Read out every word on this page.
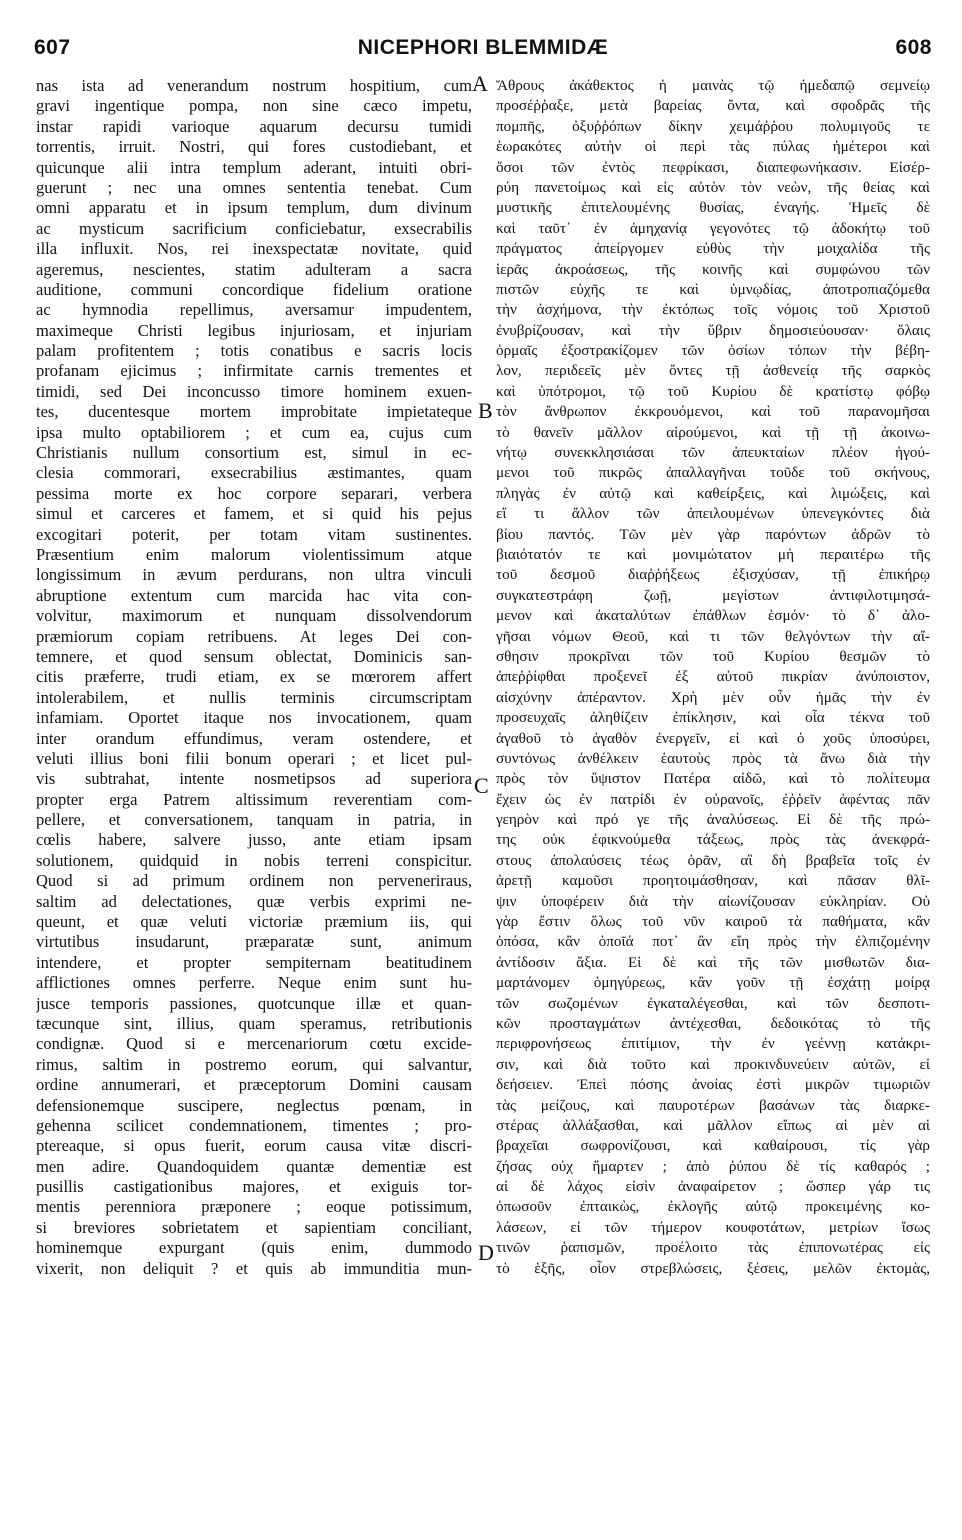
607	NICEPHORI BLEMMIDÆ	608
nas ista ad venerandum nostrum hospitium, cum
gravi ingentique pompa, non sine cæco impetu,
instar rapidi varioque aquarum decursu tumidi
torrentis, irruit. Nostri, qui fores custodiebant, et
quicunque alii intra templum aderant, intuiti obri-
guerunt ; nec una omnes sententia tenebat. Cum
omni apparatu et in ipsum templum, dum divinum
ac mysticum sacrificium conficiebatur, exsecrabilis
illa influxit. Nos, rei inexspectatæ novitate, quid
ageremus, nescientes, statim adulteram a sacra
auditione, communi concordique fidelium oratione
ac hymnodia repellimus, aversamur impudentem,
maximeque Christi legibus injuriosam, et injuriam
palam profitentem ; totis conatibus e sacris locis
profanam ejicimus ; infirmitate carnis trementes et
timidi, sed Dei inconcusso timore hominem exuen-
tes, ducentesque mortem improbitate impietateque
ipsa multo optabiliorem ; et cum ea, cujus cum
Christianis nullum consortium est, simul in ec-
clesia commorari, exsecrabilius æstimantes, quam
pessima morte ex hoc corpore separari, verbera
simul et carceres et famem, et si quid his pejus
excogitari poterit, per totam vitam sustinentes.
Præsentium enim malorum violentissimum atque
longissimum in ævum perdurans, non ultra vinculi
abruptione extentum cum marcida hac vita con-
volvitur, maximorum et nunquam dissolvendorum
præmiorum copiam retribuens. At leges Dei con-
temnere, et quod sensum oblectat, Dominicis san-
citis præferre, trudi etiam, ex se mœrorem affert
intolerabilem, et nullis terminis circumscriptam
infamiam. Oportet itaque nos invocationem, quam
inter orandum effundimus, veram ostendere, et
veluti illius boni filii bonum operari ; et licet pul-
vis subtrahat, intente nosmetipsos ad superiora
propter erga Patrem altissimum reverentiam com-
pellere, et conversationem, tanquam in patria, in
cœlis habere, salvere jusso, ante etiam ipsam
solutionem, quidquid in nobis terreni conspicitur.
Quod si ad primum ordinem non perveneriraus,
saltim ad delectationes, quæ verbis exprimi ne-
queunt, et quæ veluti victoriæ præmium iis, qui
virtutibus insudarunt, præparatæ sunt, animum
intendere, et propter sempiternam beatitudinem
afflictiones omnes perferre. Neque enim sunt hu-
jusce temporis passiones, quotcunque illæ et quan-
tæcunque sint, illius, quam speramus, retributionis
condignæ. Quod si e mercenariorum cœtu excide-
rimus, saltim in postremo eorum, qui salvantur,
ordine annumerari, et præceptorum Domini causam
defensionemque suscipere, neglectus pœnam, in
gehenna scilicet condemnationem, timentes ; pro-
ptereaque, si opus fuerit, eorum causa vitæ discri-
men adire. Quandoquidem quantæ dementiæ est
pusillis castigationibus majores, et exiguis tor-
mentis perenniora præponere ; eoque potissimum,
si breviores sobrietatem et sapientiam conciliant,
hominemque expurgant (quis enim, dummodo
vixerit, non deliquit ? et quis ab immunditia mun-
Ἄθρους ἀκάθεκτος ἡ μαινὰς τῷ ἡμεδαπῷ σεμνείῳ
προσέῤῥαξε, μετὰ βαρείας ὄντα, καὶ σφοδρᾶς τῆς
πομπῆς, ὀξυῤῥόπων δίκην χειμάῤῥου πολυμιγοῦς τε
ἑωρακότες αὐτὴν οἱ περὶ τὰς πύλας ἡμέτεροι καὶ
ὅσοι τῶν ἐντὸς πεφρίκασι, διαπεφωνήκασιν. Εἰσέρ-
ρύη πανετοίμως καὶ εἰς αὐτὸν τὸν νεὼν, τῆς θείας καὶ
μυστικῆς ἐπιτελουμένης θυσίας, ἐναγής. Ἡμεῖς δὲ
καὶ ταῦτ᾽ ἐν ἀμηχανίᾳ γεγονότες τῷ ἀδοκήτῳ τοῦ
πράγματος ἀπείργομεν εὐθὺς τὴν μοιχαλίδα τῆς
ἱερᾶς ἀκροάσεως, τῆς κοινῆς καὶ συμφώνου τῶν
πιστῶν εὐχῆς τε καὶ ὑμνῳδίας, ἀποτροπιαζόμεθα
τὴν ἀσχήμονα, τὴν ἐκτόπως τοῖς νόμοις τοῦ Χριστοῦ
ἐνυβρίζουσαν, καὶ τὴν ὕβριν δημοσιεύουσαν· ὅλαις
ὁρμαῖς ἐξοστρακίζομεν τῶν ὁσίων τόπων τὴν βέβη-
λον, περιδεεῖς μὲν ὄντες τῇ ἀσθενείᾳ τῆς σαρκὸς
καὶ ὑπότρομοι, τῷ τοῦ Κυρίου δὲ κρατίστῳ φόβῳ
τὸν ἄνθρωπον ἐκκρουόμενοι, καὶ τοῦ παρανομῆσαι
τὸ θανεῖν μᾶλλον αἱρούμενοι, καὶ τῇ τῇ ἀκοινω-
νήτῳ συνεκκλησιάσαι τῶν ἀπευκταίων πλέον ἡγού-
μενοι τοῦ πικρῶς ἀπαλλαγῆναι τοῦδε τοῦ σκήνους,
πληγὰς ἐν αὐτῷ καὶ καθείρξεις, καὶ λιμώξεις, καὶ
εἴ τι ἄλλον τῶν ἀπειλουμένων ὑπενεγκόντες διὰ
βίου παντός. Τῶν μὲν γὰρ παρόντων ἀδρῶν τὸ
βιαιότατόν τε καὶ μονιμώτατον μὴ περαιτέρω τῆς
τοῦ δεσμοῦ διαῤῥήξεως ἐξισχύσαν, τῇ ἐπικήρῳ
συγκατεστράφη ζωῇ, μεγίστων ἀντιφιλοτιμησά-
μενον καὶ ἀκαταλύτων ἐπάθλων ἑσμόν· τὸ δ᾽ ἀλο-
γῆσαι νόμων Θεοῦ, καὶ τι τῶν θελγόντων τὴν αἴ-
σθησιν προκρῖναι τῶν τοῦ Κυρίου θεσμῶν τὸ
ἀπεῤῥίφθαι προξενεῖ ἐξ αὐτοῦ πικρίαν ἀνύποιστον,
αἰσχύνην ἀπέραντον. Χρὴ μὲν οὖν ἡμᾶς τὴν ἐν
προσευχαῖς ἀληθίζειν ἐπίκλησιν, καὶ οἷα τέκνα τοῦ
ἀγαθοῦ τὸ ἀγαθὸν ἐνεργεῖν, εἰ καὶ ὁ χοῦς ὑποσύρει,
συντόνως ἀνθέλκειν ἑαυτοὺς πρὸς τὰ ἄνω διὰ τὴν
πρὸς τὸν ὕψιστον Πατέρα αἰδῶ, καὶ τὸ πολίτευμα
ἔχειν ὡς ἐν πατρίδι ἐν οὐρανοῖς, ἐῤῥεῖν ἀφέντας πᾶν
γεηρὸν καὶ πρό γε τῆς ἀναλύσεως. Εἰ δὲ τῆς πρώ-
της οὐκ ἐφικνούμεθα τάξεως, πρὸς τὰς ἀνεκφρά-
στους ἀπολαύσεις τέως ὁρᾶν, αἳ δὴ βραβεῖα τοῖς ἐν
ἀρετῇ καμοῦσι προητοιμάσθησαν, καὶ πᾶσαν θλῖ-
ψιν ὑποφέρειν διὰ τὴν αἰωνίζουσαν εὐκληρίαν. Οὐ
γὰρ ἔστιν ὅλως τοῦ νῦν καιροῦ τὰ παθήματα, κἂν
ὁπόσα, κἂν ὁποῖά ποτ᾽ ἂν εἴη πρὸς τὴν ἐλπιζομένην
ἀντίδοσιν ἄξια. Εἰ δὲ καὶ τῆς τῶν μισθωτῶν δια-
μαρτάνομεν ὁμηγύρεως, κἂν γοῦν τῇ ἐσχάτῃ μοίρᾳ
τῶν σωζομένων ἐγκαταλέγεσθαι, καὶ τῶν δεσποτι-
κῶν προσταγμάτων ἀντέχεσθαι, δεδοικότας τὸ τῆς
περιφρονήσεως ἐπιτίμιον, τὴν ἐν γεέννῃ κατάκρι-
σιν, καὶ διὰ τοῦτο καὶ προκινδυνεύειν αὐτῶν, εἰ
δεήσειεν. Ἐπεὶ πόσης ἀνοίας ἐστὶ μικρῶν τιμωριῶν
τὰς μείζους, καὶ παυροτέρων βασάνων τὰς διαρκε-
στέρας ἀλλάξασθαι, καὶ μᾶλλον εἴπως αἱ μὲν αἱ
βραχεῖαι σωφρονίζουσι, καὶ καθαίρουσι, τίς γὰρ
ζήσας οὐχ ἥμαρτεν ; ἀπὸ ῥύπου δὲ τίς καθαρός ;
αἱ δὲ λάχος εἰσὶν ἀναφαίρετον ; ὥσπερ γάρ τις
ὁπωσοῦν ἐπταικὼς, ἐκλογῆς αὐτῷ προκειμένης κο-
λάσεων, εἰ τῶν τήμερον κουφοτάτων, μετρίων ἴσως
τινῶν ῥαπισμῶν, προέλοιτο τὰς ἐπιπονωτέρας εἰς
τὸ ἑξῆς, οἷον στρεβλώσεις, ξέσεις, μελῶν ἐκτομὰς,
A
B
C
D
